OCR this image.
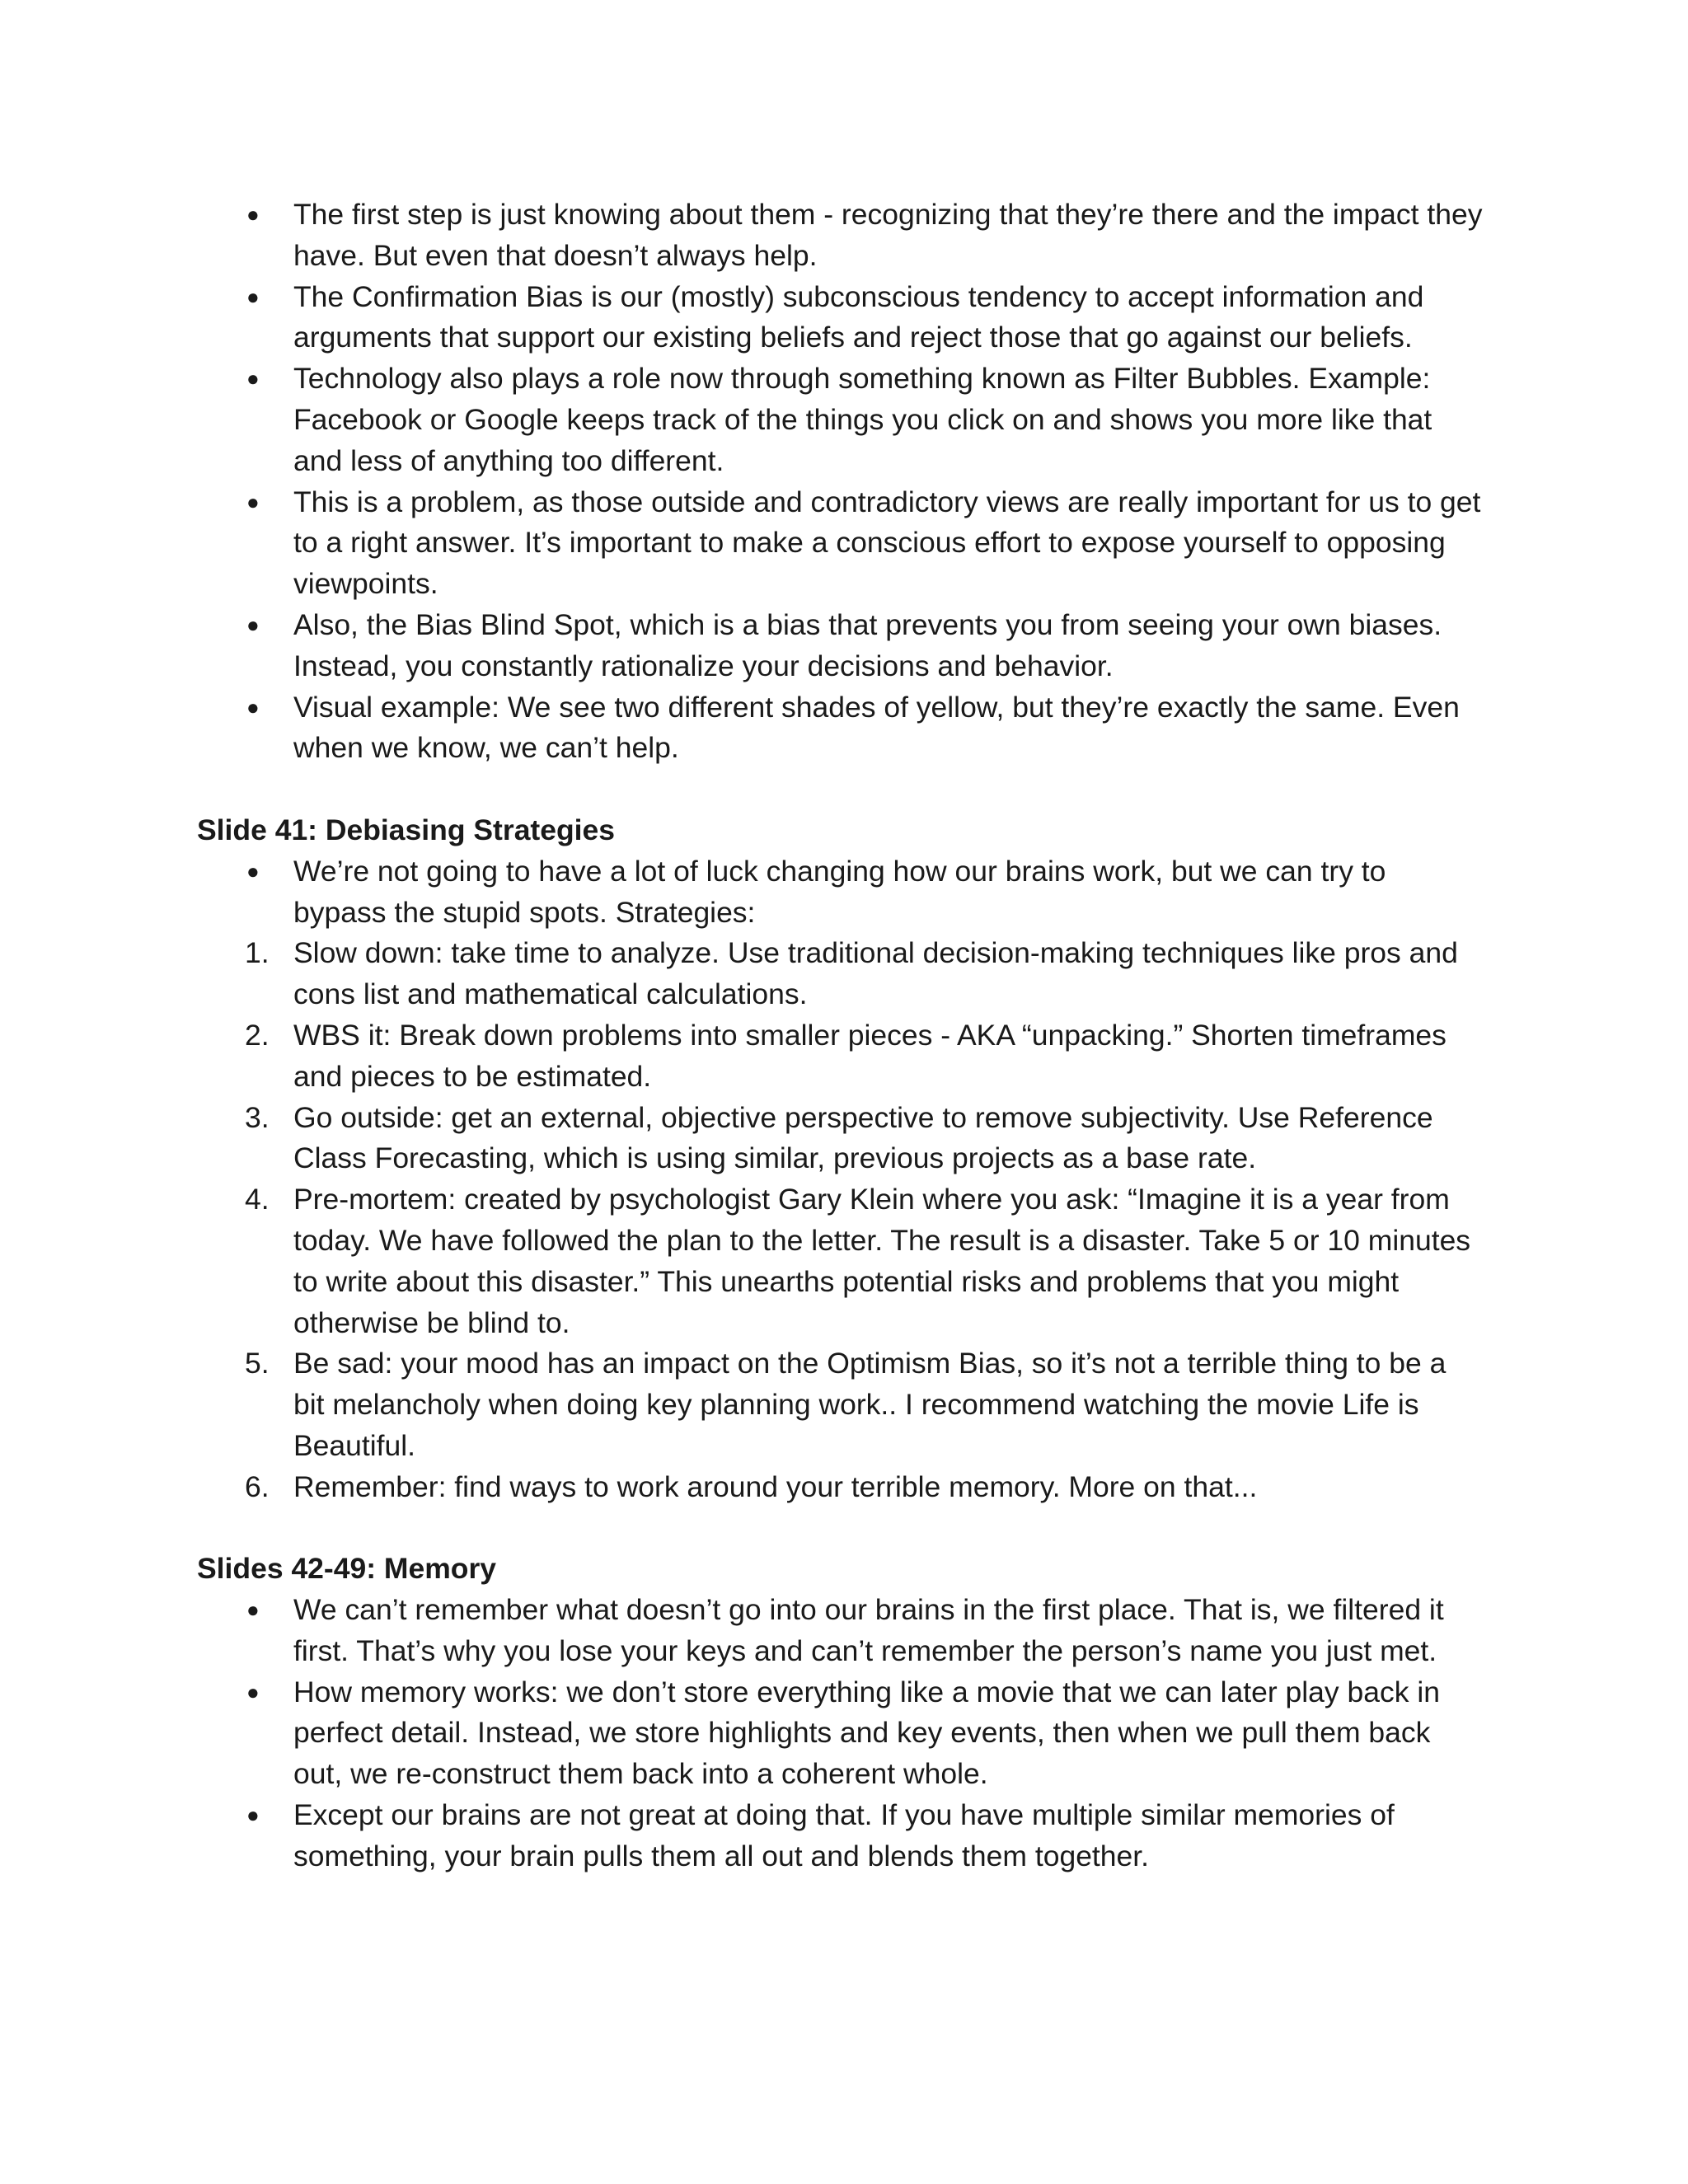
●	The first step is just knowing about them - recognizing that they’re there and the impact they have. But even that doesn’t always help.
●	The Confirmation Bias is our (mostly) subconscious tendency to accept information and arguments that support our existing beliefs and reject those that go against our beliefs.
●	Technology also plays a role now through something known as Filter Bubbles. Example: Facebook or Google keeps track of the things you click on and shows you more like that and less of anything too different.
●	This is a problem, as those outside and contradictory views are really important for us to get to a right answer. It’s important to make a conscious effort to expose yourself to opposing viewpoints.
●	Also, the Bias Blind Spot, which is a bias that prevents you from seeing your own biases. Instead, you constantly rationalize your decisions and behavior.
●	Visual example: We see two different shades of yellow, but they’re exactly the same. Even when we know, we can’t help.
Slide 41: Debiasing Strategies
●	We’re not going to have a lot of luck changing how our brains work, but we can try to bypass the stupid spots. Strategies:
1. Slow down: take time to analyze. Use traditional decision-making techniques like pros and cons list and mathematical calculations.
2. WBS it: Break down problems into smaller pieces - AKA “unpacking.” Shorten timeframes and pieces to be estimated.
3. Go outside: get an external, objective perspective to remove subjectivity. Use Reference Class Forecasting, which is using similar, previous projects as a base rate.
4. Pre-mortem: created by psychologist Gary Klein where you ask: “Imagine it is a year from today. We have followed the plan to the letter. The result is a disaster. Take 5 or 10 minutes to write about this disaster.” This unearths potential risks and problems that you might otherwise be blind to.
5. Be sad: your mood has an impact on the Optimism Bias, so it’s not a terrible thing to be a bit melancholy when doing key planning work.. I recommend watching the movie Life is Beautiful.
6. Remember: find ways to work around your terrible memory. More on that...
Slides 42-49: Memory
●	We can’t remember what doesn’t go into our brains in the first place. That is, we filtered it first. That’s why you lose your keys and can’t remember the person’s name you just met.
●	How memory works: we don’t store everything like a movie that we can later play back in perfect detail. Instead, we store highlights and key events, then when we pull them back out, we re-construct them back into a coherent whole.
●	Except our brains are not great at doing that. If you have multiple similar memories of something, your brain pulls them all out and blends them together.
